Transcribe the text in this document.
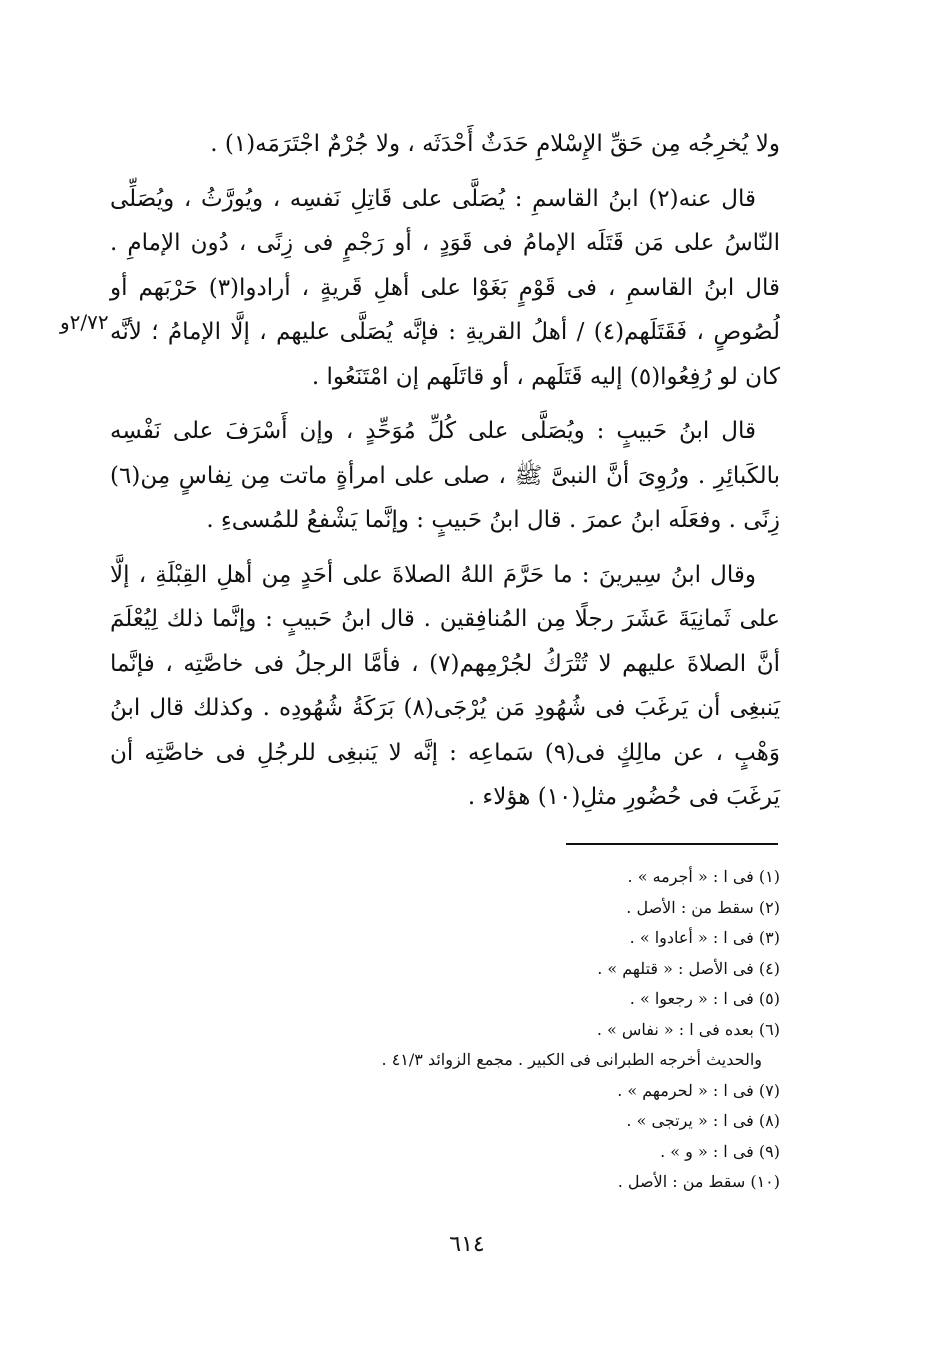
ولا يُخرِجُه مِن حَقِّ الإِسْلامِ حَدَثٌ أَحْدَثَه ، ولا جُرْمٌ اجْتَرَمَه(١) .

قال عنه(٢) ابنُ القاسمِ : يُصَلَّى على قَاتِلِ نَفسِه ، ويُورَّثُ ، ويُصَلِّى النّاسُ على مَن قَتَلَه الإمامُ فى قَوَدٍ ، أو رَجْمٍ فى زِنًى ، دُون الإمامِ . قال ابنُ القاسمِ ، فى قَوْمٍ بَغَوْا على أهلِ قَريةٍ ، أرادوا(٣) حَرْبَهم أو لُصُوصٍ ، فَقَتَلَهم(٤) / أهلُ القريةِ : فإنَّه يُصَلَّى عليهم ، إلَّا الإمامُ ؛ لأنَّه كان لو رُفِعُوا(٥) إليه قَتَلَهم ، أو قاتَلَهم إن امْتَنَعُوا .

قال ابنُ حَبيبٍ : ويُصَلَّى على كُلِّ مُوَحِّدٍ ، وإن أَسْرَفَ على نَفْسِه بالكَبائِرِ . ورُوِىَ أنَّ النبىَّ ﷺ ، صلى على امرأةٍ ماتت مِن نِفاسٍ مِن(٦) زِنًى . وفعَلَه ابنُ عمرَ . قال ابنُ حَبيبٍ : وإنَّما يَشْفعُ للمُسىءِ .

وقال ابنُ سِيرينَ : ما حَرَّمَ اللهُ الصلاةَ على أحَدٍ مِن أهلِ القِبْلَةِ ، إلَّا على ثَمانِيَةَ عَشَرَ رجلًا مِن المُنافِقين . قال ابنُ حَبيبٍ : وإنَّما ذلك لِيُعْلَمَ أنَّ الصلاةَ عليهم لا تُتْرَكُ لجُرْمِهم(٧) ، فأمَّا الرجلُ فى خاصَّتِه ، فإنَّما يَنبغِى أن يَرغَبَ فى شُهُودِ مَن يُرْجَى(٨) بَرَكَةُ شُهُودِه . وكذلك قال ابنُ وَهْبٍ ، عن مالِكٍ فى(٩) سَماعِه : إنَّه لا يَنبغِى للرجُلِ فى خاصَّتِه أن يَرغَبَ فى حُضُورِ مثلِ(١٠) هؤلاء .

٢/٧٢و
(١) فى ا : « أجرمه » .
(٢) سقط من : الأصل .
(٣) فى ا : « أعادوا » .
(٤) فى الأصل : « قتلهم » .
(٥) فى ا : « رجعوا » .
(٦) بعده فى ا : « نفاس » .
والحديث أخرجه الطبرانى فى الكبير . مجمع الزوائد ٤١/٣ .
(٧) فى ا : « لحرمهم » .
(٨) فى ا : « يرتجى » .
(٩) فى ا : « و » .
(١٠) سقط من : الأصل .
٦١٤
